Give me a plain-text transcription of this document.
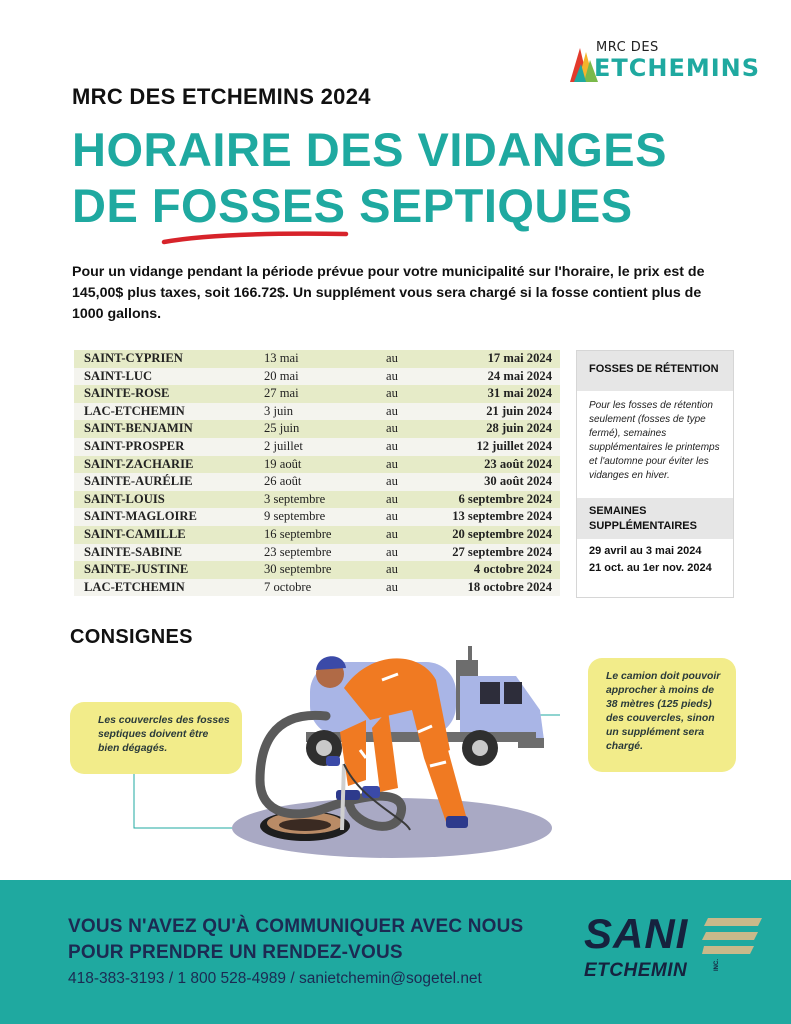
MRC DES
ETCHEMINS
MRC DES ETCHEMINS 2024
HORAIRE DES VIDANGES
DE FOSSES SEPTIQUES

Pour un vidange pendant la période prévue pour votre municipalité sur l'horaire, le prix est de 145,00$ plus taxes, soit 166.72$. Un supplément vous sera chargé si la fosse contient plus de 1000 gallons.

SAINT-CYPRIEN	13 mai	au	17 mai 2024
SAINT-LUC	20 mai	au	24 mai 2024
SAINTE-ROSE	27 mai	au	31 mai 2024
LAC-ETCHEMIN	3 juin	au	21 juin 2024
SAINT-BENJAMIN	25 juin	au	28 juin 2024
SAINT-PROSPER	2 juillet	au	12 juillet 2024
SAINT-ZACHARIE	19 août	au	23 août 2024
SAINTE-AURÉLIE	26 août	au	30 août 2024
SAINT-LOUIS	3 septembre	au	6 septembre 2024
SAINT-MAGLOIRE	9 septembre	au	13 septembre 2024
SAINT-CAMILLE	16 septembre	au	20 septembre 2024
SAINTE-SABINE	23 septembre	au	27 septembre 2024
SAINTE-JUSTINE	30 septembre	au	4 octobre 2024
LAC-ETCHEMIN	7 octobre	au	18 octobre 2024
FOSSES DE RÉTENTION
Pour les fosses de rétention seulement (fosses de type fermé), semaines supplémentaires le printemps et l'automne pour éviter les vidanges en hiver.
SEMAINES SUPPLÉMENTAIRES
29 avril au 3 mai 2024
21 oct. au 1er nov. 2024
CONSIGNES
Les couvercles des fosses septiques doivent être bien dégagés.
Le camion doit pouvoir approcher à moins de 38 mètres (125 pieds) des couvercles, sinon un supplément sera chargé.
VOUS N'AVEZ QU'À COMMUNIQUER AVEC NOUS
POUR PRENDRE UN RENDEZ-VOUS
418-383-3193 / 1 800 528-4989 / sanietchemin@sogetel.net
SANI
ETCHEMIN	INC.
